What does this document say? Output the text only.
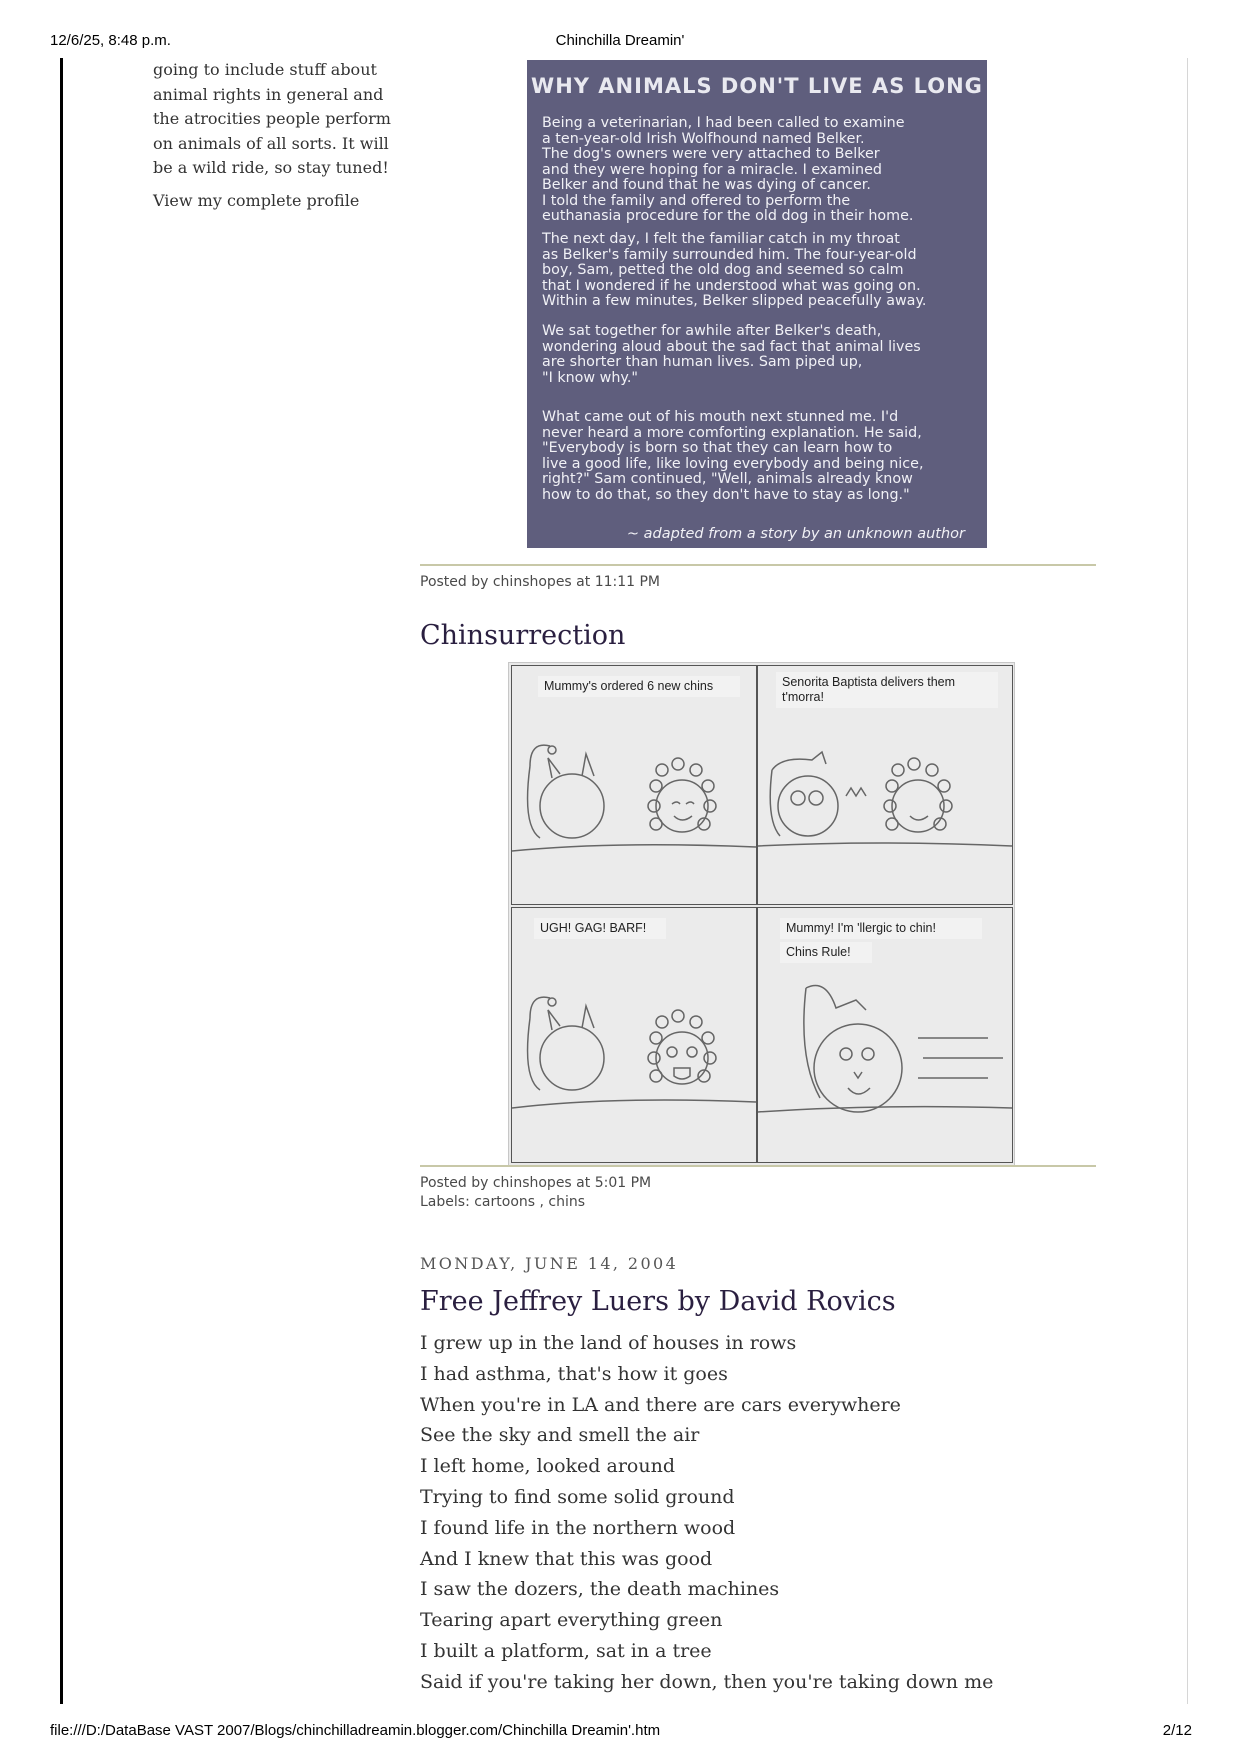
12/6/25, 8:48 p.m.	Chinchilla Dreamin'

going to include stuff about

animal rights in general and

the atrocities people perform

on animals of all sorts. It will

be a wild ride, so stay tuned!

View my complete profile
WHY ANIMALS DON'T LIVE AS LONG
Being a veterinarian, I had been called to examine
a ten-year-old Irish Wolfhound named Belker.
The dog's owners were very attached to Belker
and they were hoping for a miracle. I examined
Belker and found that he was dying of cancer.
I told the family and offered to perform the
euthanasia procedure for the old dog in their home.
The next day, I felt the familiar catch in my throat
as Belker's family surrounded him. The four-year-old
boy, Sam, petted the old dog and seemed so calm
that I wondered if he understood what was going on.
Within a few minutes, Belker slipped peacefully away.
We sat together for awhile after Belker's death,
wondering aloud about the sad fact that animal lives
are shorter than human lives. Sam piped up,
"I know why."
What came out of his mouth next stunned me. I'd
never heard a more comforting explanation. He said,
"Everybody is born so that they can learn how to
live a good life, like loving everybody and being nice,
right?" Sam continued, "Well, animals already know
how to do that, so they don't have to stay as long."
~ adapted from a story by an unknown author
Posted by chinshopes at 11:11 PM
Chinsurrection
Mummy's ordered 6 new chins	Senorita Baptista delivers them t'morra!
UGH! GAG! BARF!	Mummy! I'm 'llergic to chin!
Chins Rule!
Posted by chinshopes at 5:01 PM
Labels: cartoons , chins
MONDAY, JUNE 14, 2004
Free Jeffrey Luers by David Rovics
I grew up in the land of houses in rows
I had asthma, that's how it goes
When you're in LA and there are cars everywhere
See the sky and smell the air
I left home, looked around
Trying to find some solid ground
I found life in the northern wood
And I knew that this was good
I saw the dozers, the death machines
Tearing apart everything green
I built a platform, sat in a tree
Said if you're taking her down, then you're taking down me
file:///D:/DataBase VAST 2007/Blogs/chinchilladreamin.blogger.com/Chinchilla Dreamin'.htm	2/12
